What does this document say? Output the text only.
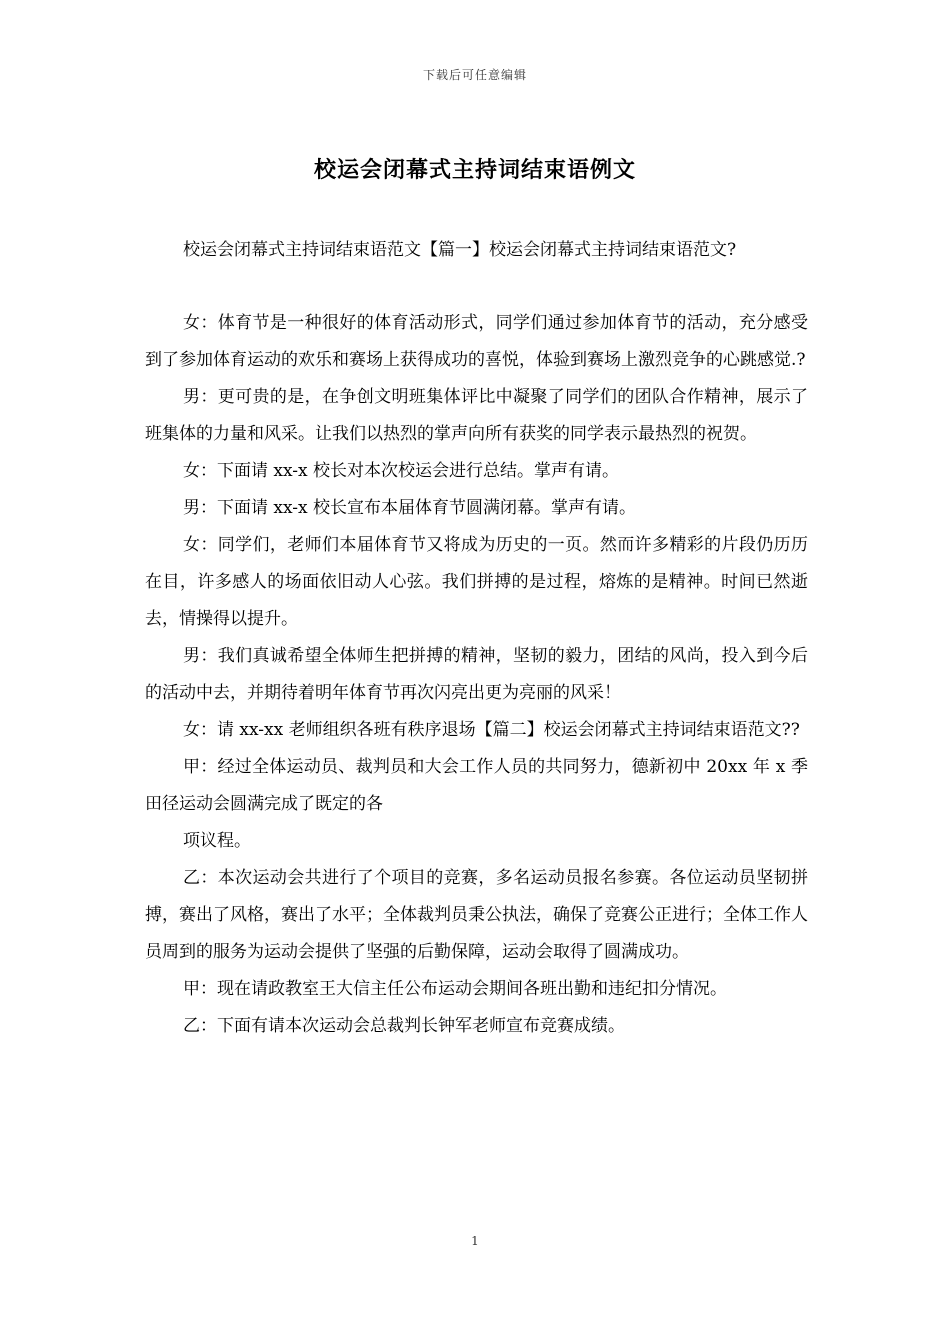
下载后可任意编辑
校运会闭幕式主持词结束语例文

校运会闭幕式主持词结束语范文【篇一】校运会闭幕式主持词结束语范文?

女：体育节是一种很好的体育活动形式，同学们通过参加体育节的活动，充分感受到了参加体育运动的欢乐和赛场上获得成功的喜悦，体验到赛场上激烈竞争的心跳感觉.?

男：更可贵的是，在争创文明班集体评比中凝聚了同学们的团队合作精神，展示了班集体的力量和风采。让我们以热烈的掌声向所有获奖的同学表示最热烈的祝贺。

女：下面请 xx-x 校长对本次校运会进行总结。掌声有请。

男：下面请 xx-x 校长宣布本届体育节圆满闭幕。掌声有请。

女：同学们，老师们本届体育节又将成为历史的一页。然而许多精彩的片段仍历历在目，许多感人的场面依旧动人心弦。我们拼搏的是过程，熔炼的是精神。时间已然逝去，情操得以提升。

男：我们真诚希望全体师生把拼搏的精神，坚韧的毅力，团结的风尚，投入到今后的活动中去，并期待着明年体育节再次闪亮出更为亮丽的风采！

女：请 xx-xx 老师组织各班有秩序退场【篇二】校运会闭幕式主持词结束语范文??

甲：经过全体运动员、裁判员和大会工作人员的共同努力，德新初中 20xx 年 x 季田径运动会圆满完成了既定的各

项议程。

乙：本次运动会共进行了个项目的竞赛，多名运动员报名参赛。各位运动员坚韧拼搏，赛出了风格，赛出了水平；全体裁判员秉公执法，确保了竞赛公正进行；全体工作人员周到的服务为运动会提供了坚强的后勤保障，运动会取得了圆满成功。

甲：现在请政教室王大信主任公布运动会期间各班出勤和违纪扣分情况。

乙：下面有请本次运动会总裁判长钟军老师宣布竞赛成绩。

1
